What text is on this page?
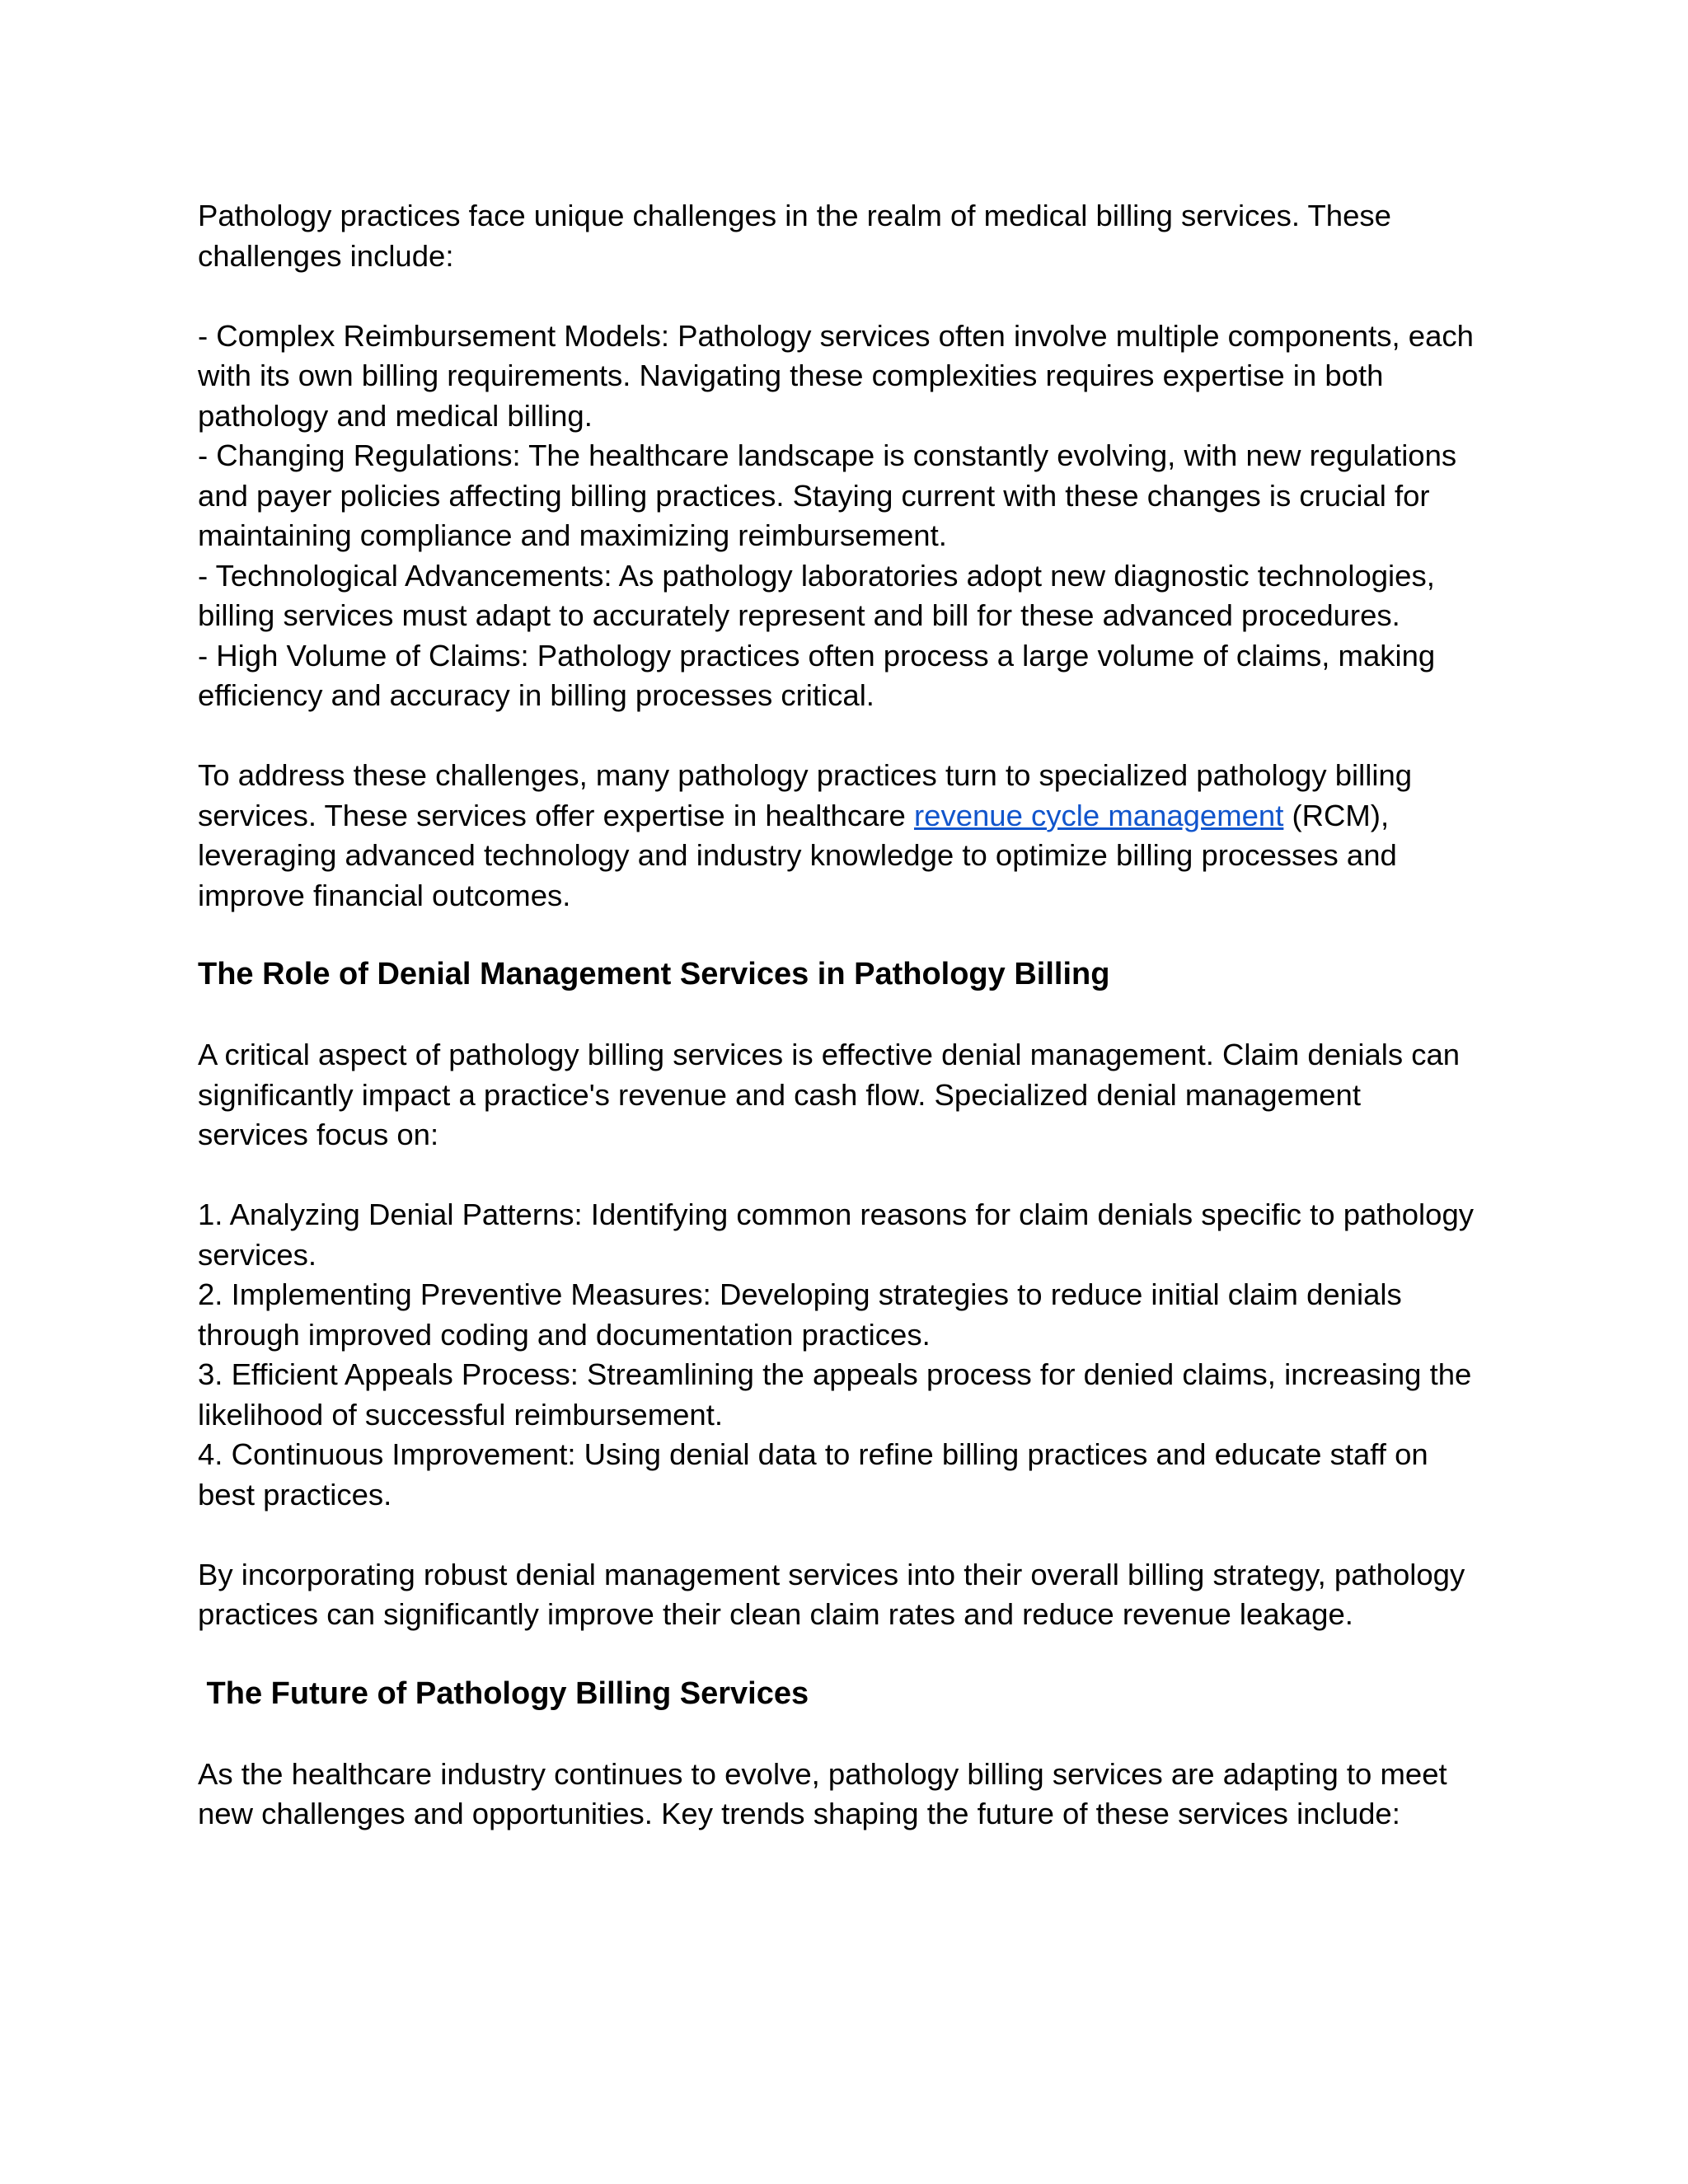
Pathology practices face unique challenges in the realm of medical billing services. These
challenges include:

- Complex Reimbursement Models: Pathology services often involve multiple components, each
with its own billing requirements. Navigating these complexities requires expertise in both
pathology and medical billing.

- Changing Regulations: The healthcare landscape is constantly evolving, with new regulations
and payer policies affecting billing practices. Staying current with these changes is crucial for
maintaining compliance and maximizing reimbursement.

- Technological Advancements: As pathology laboratories adopt new diagnostic technologies,
billing services must adapt to accurately represent and bill for these advanced procedures.

- High Volume of Claims: Pathology practices often process a large volume of claims, making
efficiency and accuracy in billing processes critical.

To address these challenges, many pathology practices turn to specialized pathology billing
services. These services offer expertise in healthcare revenue cycle management (RCM),
leveraging advanced technology and industry knowledge to optimize billing processes and
improve financial outcomes.

The Role of Denial Management Services in Pathology Billing

A critical aspect of pathology billing services is effective denial management. Claim denials can
significantly impact a practice's revenue and cash flow. Specialized denial management
services focus on:

1. Analyzing Denial Patterns: Identifying common reasons for claim denials specific to pathology
services.

2. Implementing Preventive Measures: Developing strategies to reduce initial claim denials
through improved coding and documentation practices.

3. Efficient Appeals Process: Streamlining the appeals process for denied claims, increasing the
likelihood of successful reimbursement.

4. Continuous Improvement: Using denial data to refine billing practices and educate staff on
best practices.

By incorporating robust denial management services into their overall billing strategy, pathology
practices can significantly improve their clean claim rates and reduce revenue leakage.

The Future of Pathology Billing Services

As the healthcare industry continues to evolve, pathology billing services are adapting to meet
new challenges and opportunities. Key trends shaping the future of these services include:
